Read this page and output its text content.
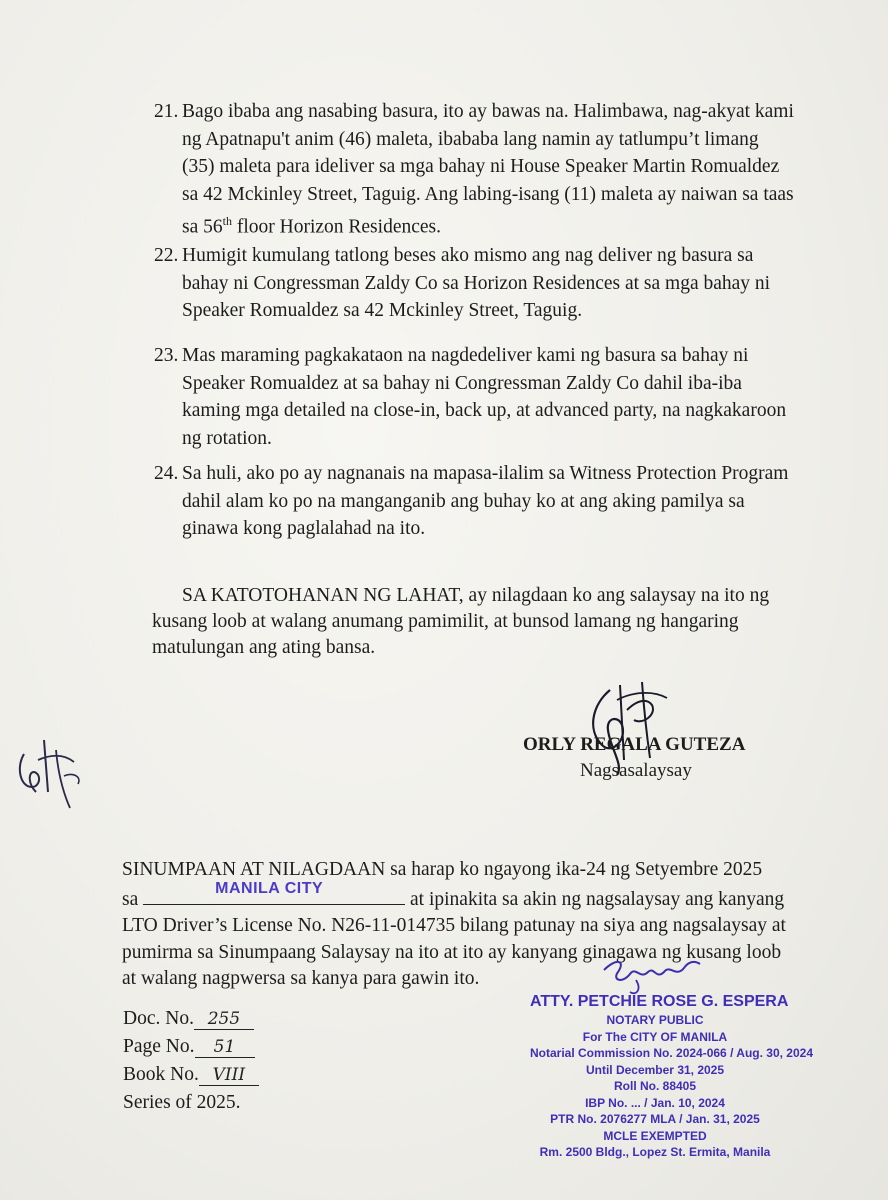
21. Bago ibaba ang nasabing basura, ito ay bawas na. Halimbawa, nag-akyat kami ng Apatnapu't anim (46) maleta, ibababa lang namin ay tatlumpu’t limang (35) maleta para ideliver sa mga bahay ni House Speaker Martin Romualdez sa 42 Mckinley Street, Taguig. Ang labing-isang (11) maleta ay naiwan sa taas sa 56th floor Horizon Residences.
22. Humigit kumulang tatlong beses ako mismo ang nag deliver ng basura sa bahay ni Congressman Zaldy Co sa Horizon Residences at sa mga bahay ni Speaker Romualdez sa 42 Mckinley Street, Taguig.
23. Mas maraming pagkakataon na nagdedeliver kami ng basura sa bahay ni Speaker Romualdez at sa bahay ni Congressman Zaldy Co dahil iba-iba kaming mga detailed na close-in, back up, at advanced party, na nagkakaroon ng rotation.
24. Sa huli, ako po ay nagnanais na mapasa-ilalim sa Witness Protection Program dahil alam ko po na manganganib ang buhay ko at ang aking pamilya sa ginawa kong paglalahad na ito.
SA KATOTOHANAN NG LAHAT, ay nilagdaan ko ang salaysay na ito ng kusang loob at walang anumang pamimilit, at bunsod lamang ng hangaring matulungan ang ating bansa.
ORLY REGALA GUTEZA
Nagsasalaysay
SINUMPAAN AT NILAGDAAN sa harap ko ngayong ika-24 ng Setyembre 2025
sa	MANILA CITY	at ipinakita sa akin ng nagsalaysay ang kanyang LTO Driver’s License No. N26-11-014735 bilang patunay na siya ang nagsalaysay at pumirma sa Sinumpaang Salaysay na ito at ito ay kanyang ginagawa ng kusang loob at walang nagpwersa sa kanya para gawin ito.
Doc. No. 255
Page No. 51
Book No. VIII
Series of 2025.
ATTY. PETCHIE ROSE G. ESPERA
NOTARY PUBLIC
For The CITY OF MANILA
Notarial Commission No. 2024-066 / Aug. 30, 2024
Until December 31, 2025
Roll No. 88405
IBP No. ... / Jan. 10, 2024
PTR No. 2076277 MLA / Jan. 31, 2025
MCLE EXEMPTED
Rm. 2500 Bldg., Lopez St. Ermita, Manila
